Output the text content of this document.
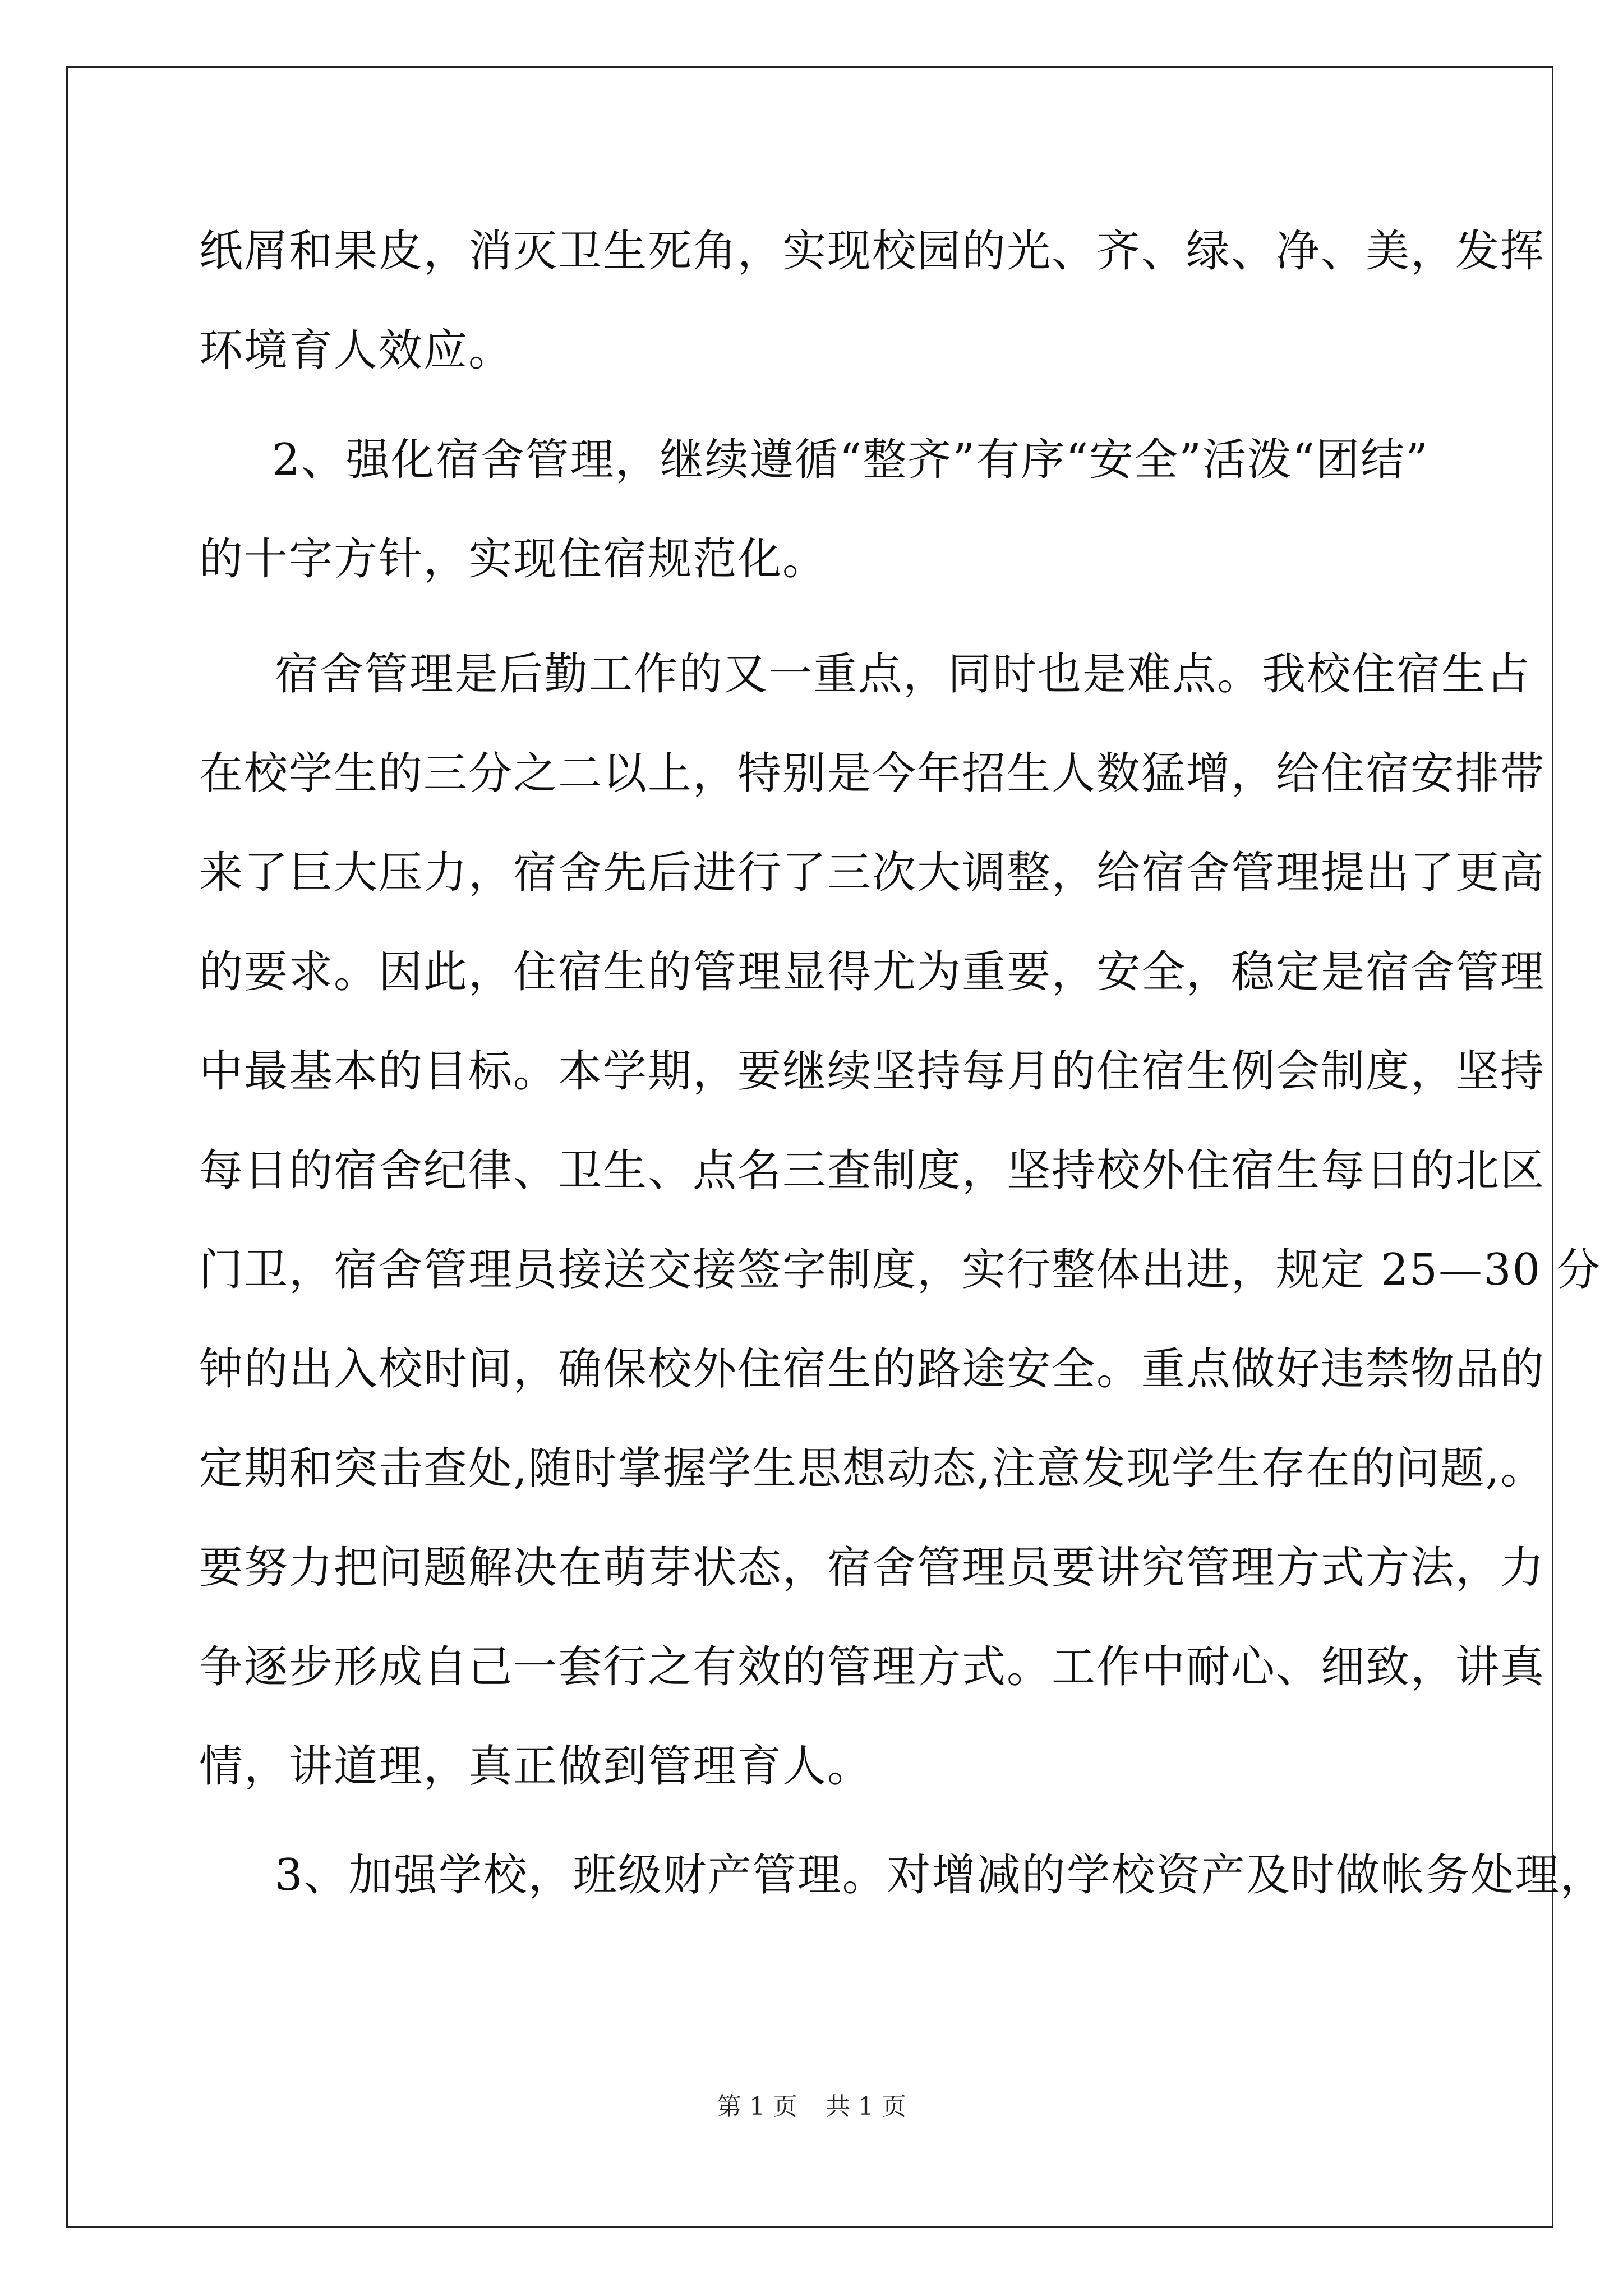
纸屑和果皮，消灭卫生死角，实现校园的光、齐、绿、净、美，发挥
环境育人效应。
2、强化宿舍管理，继续遵循“整齐”有序“安全”活泼“团结”
的十字方针，实现住宿规范化。
宿舍管理是后勤工作的又一重点，同时也是难点。我校住宿生占
在校学生的三分之二以上，特别是今年招生人数猛增，给住宿安排带
来了巨大压力，宿舍先后进行了三次大调整，给宿舍管理提出了更高
的要求。因此，住宿生的管理显得尤为重要，安全，稳定是宿舍管理
中最基本的目标。本学期，要继续坚持每月的住宿生例会制度，坚持
每日的宿舍纪律、卫生、点名三查制度，坚持校外住宿生每日的北区
门卫，宿舍管理员接送交接签字制度，实行整体出进，规定 25—30 分
钟的出入校时间，确保校外住宿生的路途安全。重点做好违禁物品的
定期和突击查处,随时掌握学生思想动态,注意发现学生存在的问题,。
要努力把问题解决在萌芽状态，宿舍管理员要讲究管理方式方法，力
争逐步形成自己一套行之有效的管理方式。工作中耐心、细致，讲真
情，讲道理，真正做到管理育人。
3、加强学校，班级财产管理。对增减的学校资产及时做帐务处理，
第 1 页 共 1 页
